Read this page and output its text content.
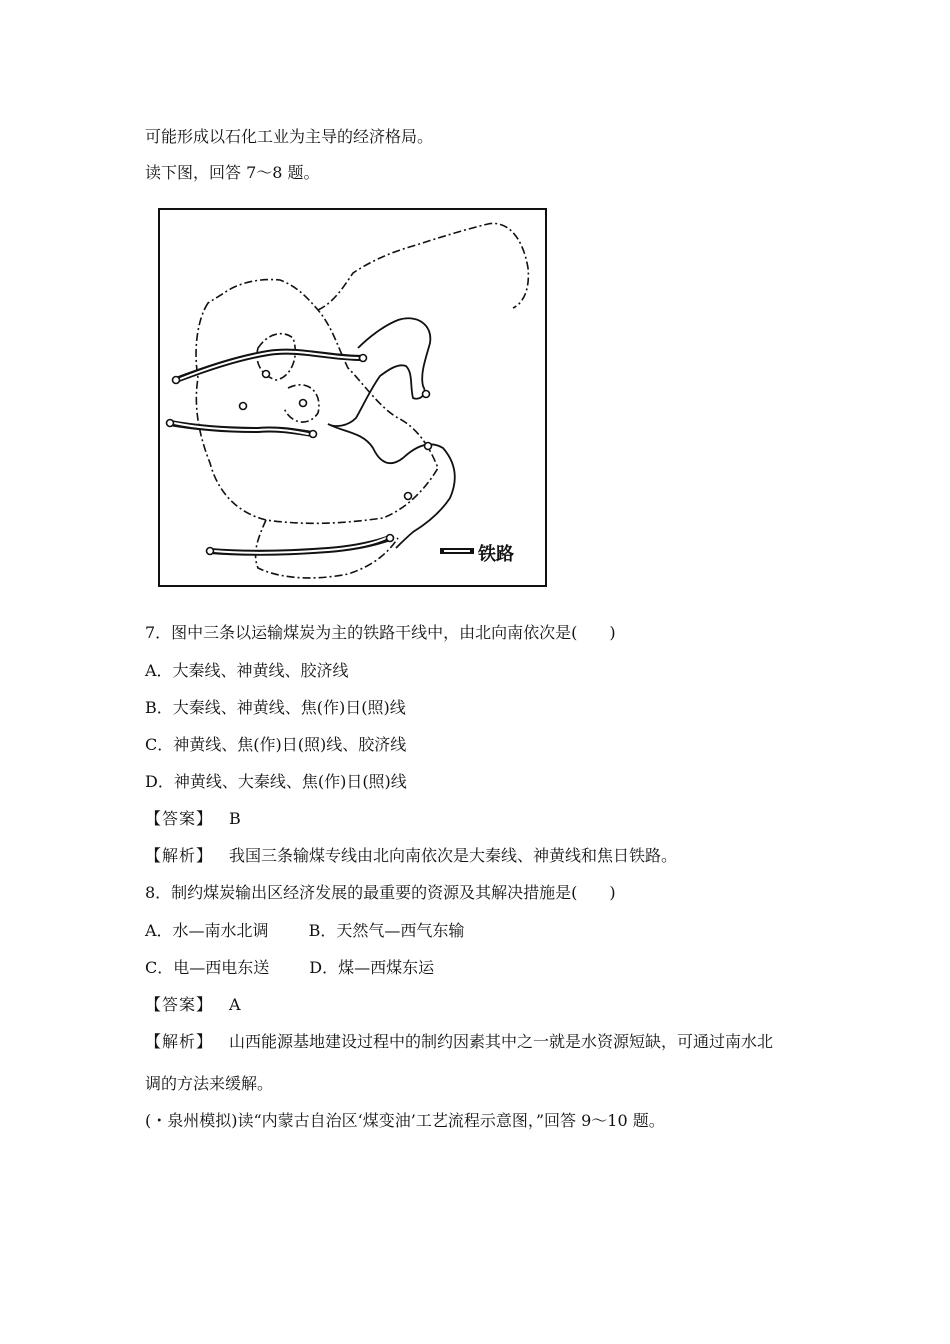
可能形成以石化工业为主导的经济格局。
读下图，回答 7～8 题。
铁路
7．图中三条以运输煤炭为主的铁路干线中，由北向南依次是(　　)
A．大秦线、神黄线、胶济线
B．大秦线、神黄线、焦(作)日(照)线
C．神黄线、焦(作)日(照)线、胶济线
D．神黄线、大秦线、焦(作)日(照)线
【答案】 B
【解析】 我国三条输煤专线由北向南依次是大秦线、神黄线和焦日铁路。
8．制约煤炭输出区经济发展的最重要的资源及其解决措施是(　　)
A．水—南水北调	B．天然气—西气东输
C．电—西电东送	D．煤—西煤东运
【答案】 A
【解析】 山西能源基地建设过程中的制约因素其中之一就是水资源短缺，可通过南水北
调的方法来缓解。
(・泉州模拟)读“内蒙古自治区‘煤变油’工艺流程示意图，”回答 9～10 题。
